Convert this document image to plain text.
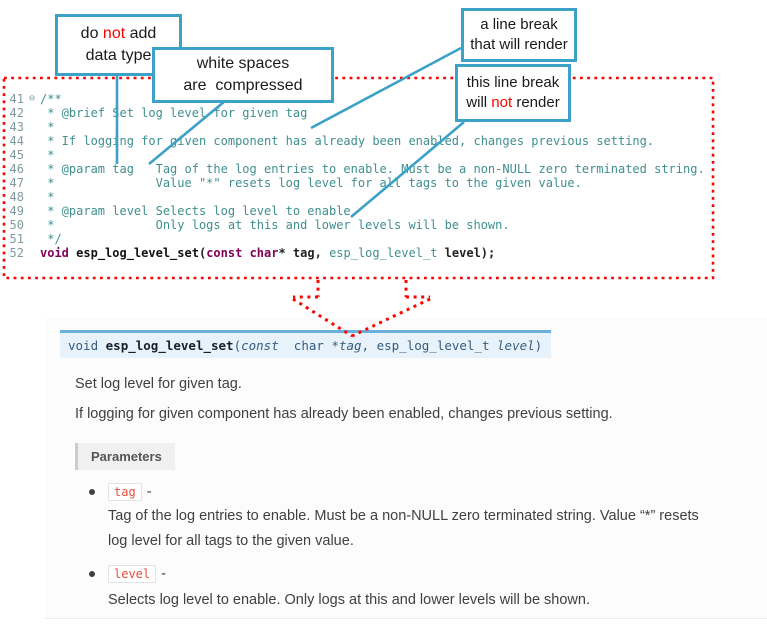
41 ⊖ /**
42 * @brief Set log level for given tag
43 *
44 * If logging for given component has already been enabled, changes previous setting.
45 *
46 * @param tag   Tag of the log entries to enable. Must be a non-NULL zero terminated string.
47 *              Value "*" resets log level for all tags to the given value.
48 *
49 * @param level Selects log level to enable.
50 *              Only logs at this and lower levels will be shown.
51 */
52 void esp_log_level_set(const char* tag, esp_log_level_t level);
do not add
data type	white spaces
are  compressed
a line break
that will render
this line break
will not render
void esp_log_level_set(const  char *tag, esp_log_level_t level)
Set log level for given tag.
If logging for given component has already been enabled, changes previous setting.
Parameters
tag -
Tag of the log entries to enable. Must be a non-NULL zero terminated string. Value “*” resets log level for all tags to the given value.
level -
Selects log level to enable. Only logs at this and lower levels will be shown.
